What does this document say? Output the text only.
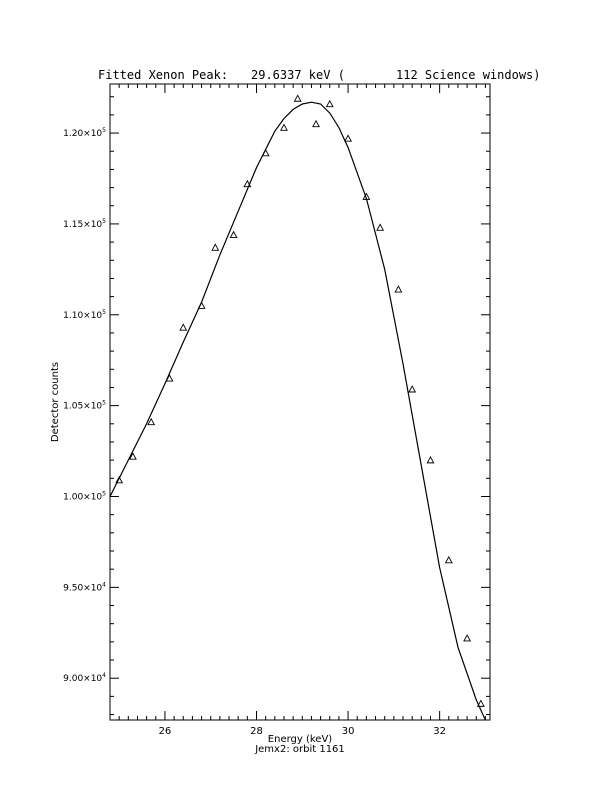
Fitted Xenon Peak: 29.6337 keV (	112 Science windows)
26	28	30	32
$9.00\times 10^4$
$9.50\times 10^4$
$1.00\times 10^5$
$1.05\times 10^5$
$1.10\times 10^5$
$1.15\times 10^5$
$1.20\times 10^5$
Energy (keV)
Jemx2: orbit 1161
Detector counts
